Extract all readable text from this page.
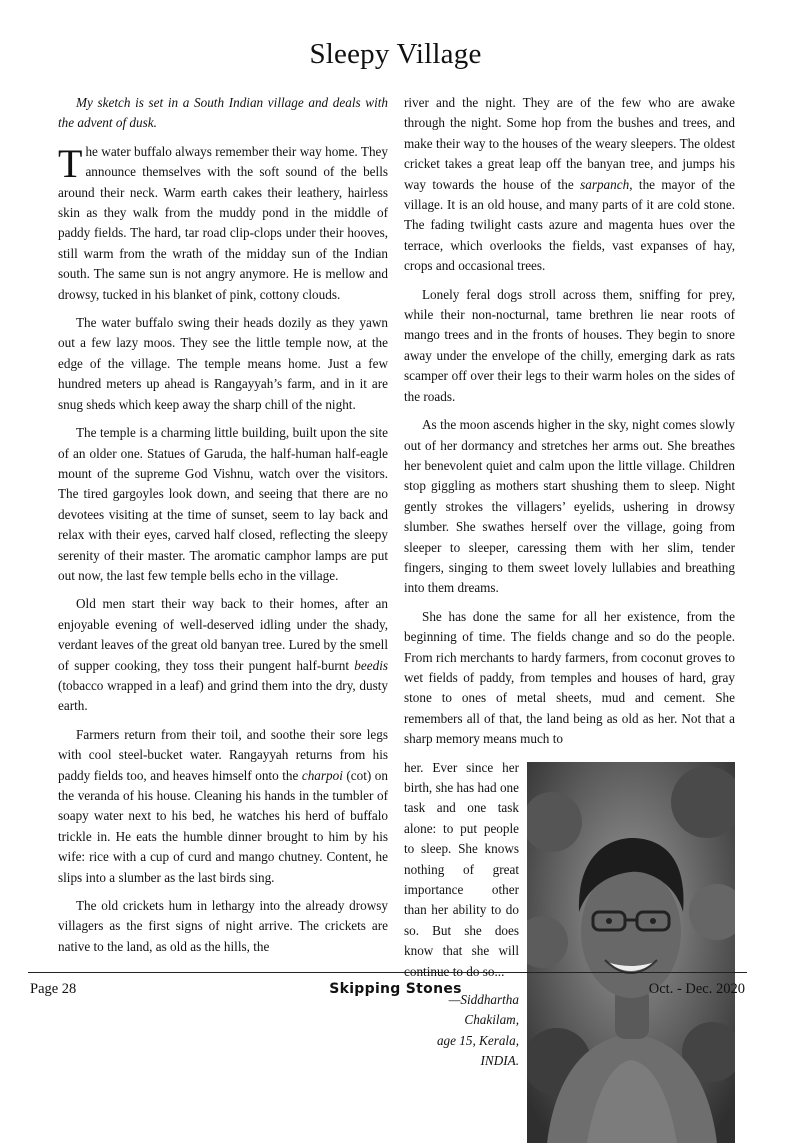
Sleepy Village

My sketch is set in a South Indian village and deals with the advent of dusk.

The water buffalo always remember their way home. They announce themselves with the soft sound of the bells around their neck. Warm earth cakes their leathery, hairless skin as they walk from the muddy pond in the middle of paddy fields. The hard, tar road clip-clops under their hooves, still warm from the wrath of the midday sun of the Indian south. The same sun is not angry anymore. He is mellow and drowsy, tucked in his blanket of pink, cottony clouds.

The water buffalo swing their heads dozily as they yawn out a few lazy moos. They see the little temple now, at the edge of the village. The temple means home. Just a few hundred meters up ahead is Rangayyah’s farm, and in it are snug sheds which keep away the sharp chill of the night.

The temple is a charming little building, built upon the site of an older one. Statues of Garuda, the half-human half-eagle mount of the supreme God Vishnu, watch over the visitors. The tired gargoyles look down, and seeing that there are no devotees visiting at the time of sunset, seem to lay back and relax with their eyes, carved half closed, reflecting the sleepy serenity of their master. The aromatic camphor lamps are put out now, the last few temple bells echo in the village.

Old men start their way back to their homes, after an enjoyable evening of well-deserved idling under the shady, verdant leaves of the great old banyan tree. Lured by the smell of supper cooking, they toss their pungent half-burnt beedis (tobacco wrapped in a leaf) and grind them into the dry, dusty earth.

Farmers return from their toil, and soothe their sore legs with cool steel-bucket water. Rangayyah returns from his paddy fields too, and heaves himself onto the charpoi (cot) on the veranda of his house. Cleaning his hands in the tumbler of soapy water next to his bed, he watches his herd of buffalo trickle in. He eats the humble dinner brought to him by his wife: rice with a cup of curd and mango chutney. Content, he slips into a slumber as the last birds sing.

The old crickets hum in lethargy into the already drowsy villagers as the first signs of night arrive. The crickets are native to the land, as old as the hills, the

river and the night. They are of the few who are awake through the night. Some hop from the bushes and trees, and make their way to the houses of the weary sleepers. The oldest cricket takes a great leap off the banyan tree, and jumps his way towards the house of the sarpanch, the mayor of the village. It is an old house, and many parts of it are cold stone. The fading twilight casts azure and magenta hues over the terrace, which overlooks the fields, vast expanses of hay, crops and occasional trees.

Lonely feral dogs stroll across them, sniffing for prey, while their non-nocturnal, tame brethren lie near roots of mango trees and in the fronts of houses. They begin to snore away under the envelope of the chilly, emerging dark as rats scamper off over their legs to their warm holes on the sides of the roads.

As the moon ascends higher in the sky, night comes slowly out of her dormancy and stretches her arms out. She breathes her benevolent quiet and calm upon the little village. Children stop giggling as mothers start shushing them to sleep. Night gently strokes the villagers’ eyelids, ushering in drowsy slumber. She swathes herself over the village, going from sleeper to sleeper, caressing them with her slim, tender fingers, singing to them sweet lovely lullabies and breathing into them dreams.

She has done the same for all her existence, from the beginning of time. The fields change and so do the people. From rich merchants to hardy farmers, from coconut groves to wet fields of paddy, from temples and houses of hard, gray stone to ones of metal sheets, mud and cement. She remembers all of that, the land being as old as her. Not that a sharp memory means much to

her. Ever since her birth, she has had one task and one task alone: to put people to sleep. She knows nothing of great importance other than her ability to do so. But she does know that she will continue to do so...

—Siddhartha Chakilam,
age 15, Kerala, INDIA.
Page 28	Skipping Stones	Oct. - Dec. 2020
